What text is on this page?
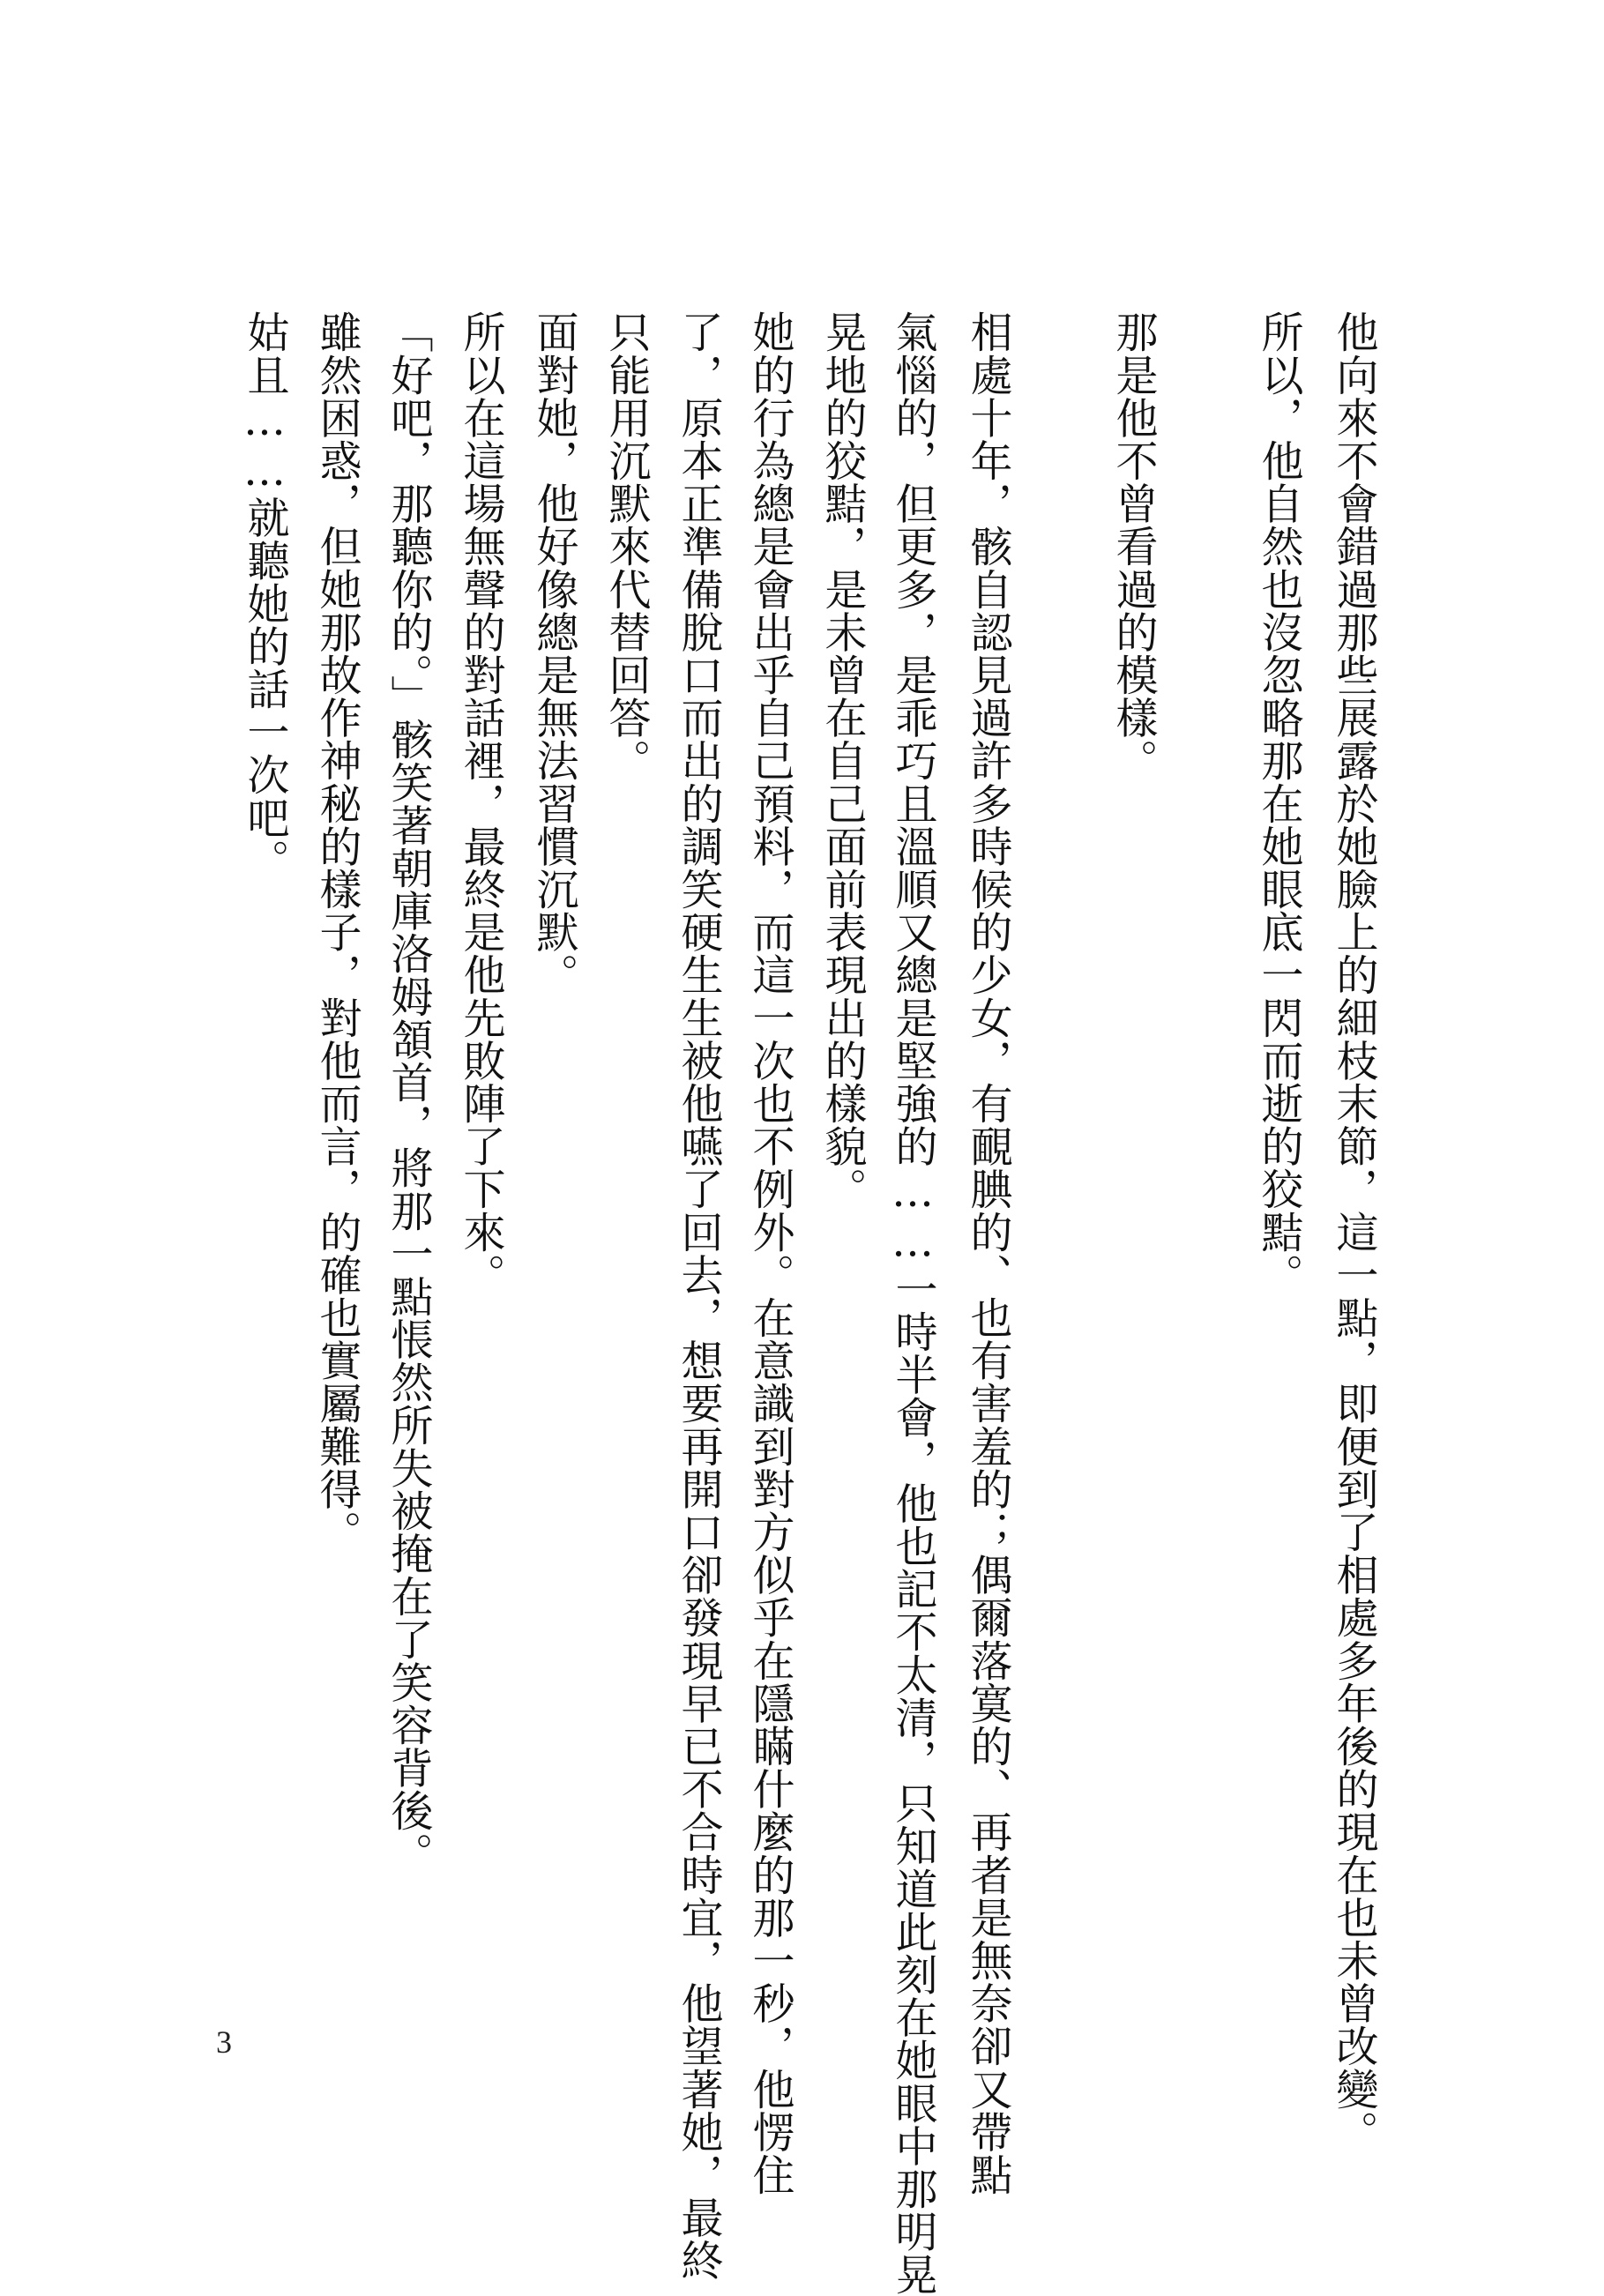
他向來不會錯過那些展露於她臉上的細枝末節，這一點，即便到了相處多年後的現在也未曾改變。

所以，他自然也沒忽略那在她眼底一閃而逝的狡黠。

那是他不曾看過的模樣。

相處十年，骸自認見過許多時候的少女，有靦腆的、也有害羞的；偶爾落寞的、再者是無奈卻又帶點

氣惱的，但更多，是乖巧且溫順又總是堅強的……一時半會，他也記不太清，只知道此刻在她眼中那明晃

晃地的狡黠，是未曾在自己面前表現出的樣貌。

她的行為總是會出乎自己預料，而這一次也不例外。在意識到對方似乎在隱瞞什麼的那一秒，他愣住

了，原本正準備脫口而出的調笑硬生生被他嚥了回去，想要再開口卻發現早已不合時宜，他望著她，最終

只能用沉默來代替回答。

面對她，他好像總是無法習慣沉默。

所以在這場無聲的對話裡，最終是他先敗陣了下來。

「好吧，那聽你的。」骸笑著朝庫洛姆頷首，將那一點悵然所失被掩在了笑容背後。

雖然困惑，但她那故作神秘的樣子，對他而言，的確也實屬難得。

姑且……就聽她的話一次吧。

3
